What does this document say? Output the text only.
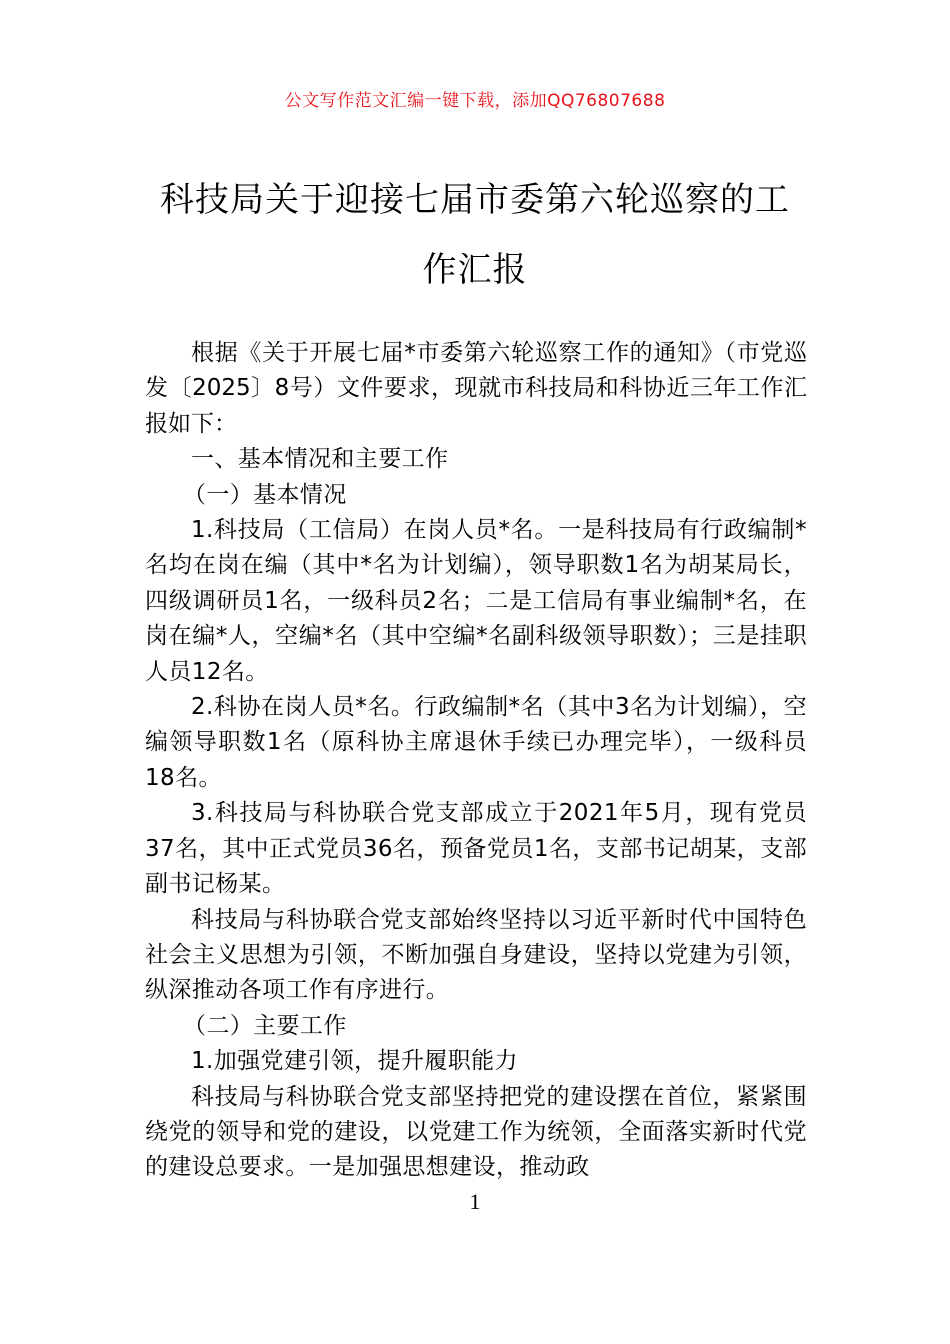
公文写作范文汇编一键下载，添加QQ76807688
科技局关于迎接七届市委第六轮巡察的工
作汇报

根据《关于开展七届*市委第六轮巡察工作的通知》（市党巡发〔2025〕8号）文件要求，现就市科技局和科协近三年工作汇报如下：

一、基本情况和主要工作

（一）基本情况

1.科技局（工信局）在岗人员*名。一是科技局有行政编制*名均在岗在编（其中*名为计划编），领导职数1名为胡某局长，四级调研员1名，一级科员2名；二是工信局有事业编制*名，在岗在编*人，空编*名（其中空编*名副科级领导职数）；三是挂职人员12名。

2.科协在岗人员*名。行政编制*名（其中3名为计划编），空编领导职数1名（原科协主席退休手续已办理完毕），一级科员18名。

3.科技局与科协联合党支部成立于2021年5月，现有党员37名，其中正式党员36名，预备党员1名，支部书记胡某，支部副书记杨某。

科技局与科协联合党支部始终坚持以习近平新时代中国特色社会主义思想为引领，不断加强自身建设，坚持以党建为引领，纵深推动各项工作有序进行。

（二）主要工作

1.加强党建引领，提升履职能力

科技局与科协联合党支部坚持把党的建设摆在首位，紧紧围绕党的领导和党的建设，以党建工作为统领，全面落实新时代党的建设总要求。一是加强思想建设，推动政

1
